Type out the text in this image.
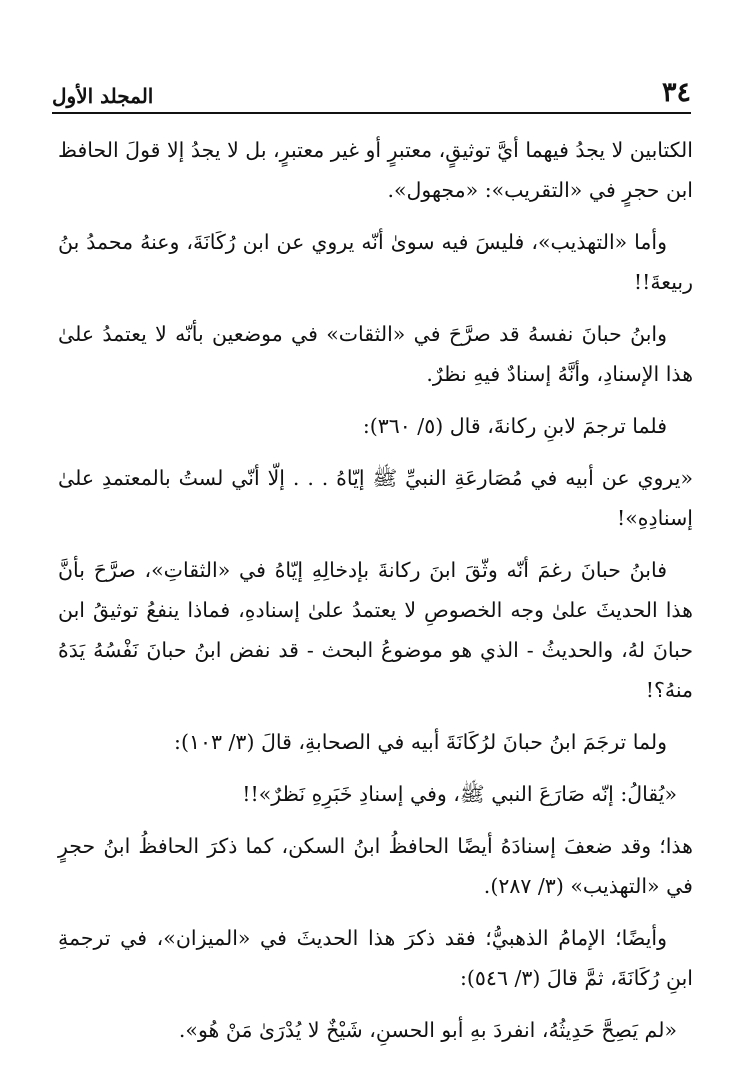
٣٤
المجلد الأول

الكتابين لا يجدُ فيهما أيَّ توثيقٍ، معتبرٍ أو غير معتبرٍ، بل لا يجدُ إلا قولَ الحافظ ابن حجرٍ في «التقريب»: «مجهول».

وأما «التهذيب»، فليسَ فيه سوىٰ أنّه يروي عن ابن رُكَانَةَ، وعنهُ محمدُ بنُ ربيعةَ!!

وابنُ حبانَ نفسهُ قد صرَّحَ في «الثقات» في موضعين بأنّه لا يعتمدُ علىٰ هذا الإسنادِ، وأنَّهُ إسنادٌ فيهِ نظرٌ.

فلما ترجمَ لابنِ ركانةَ، قال (٥/ ٣٦٠):

«يروي عن أبيه في مُصَارعَةِ النبيِّ ﷺ إيّاهُ . . . إلّا أنّي لستُ بالمعتمدِ علىٰ إسنادِهِ»!

فابنُ حبانَ رغمَ أنّه وثّقَ ابنَ ركانةَ بإدخالِهِ إيّاهُ في «الثقاتِ»، صرَّحَ بأنَّ هذا الحديثَ علىٰ وجه الخصوصِ لا يعتمدُ علىٰ إسنادهِ، فماذا ينفعُ توثيقُ ابن حبانَ لهُ، والحديثُ - الذي هو موضوعُ البحث - قد نفض ابنُ حبانَ نَفْسُهُ يَدَهُ منهُ؟!

ولما ترجَمَ ابنُ حبانَ لرُكَانَةَ أبيه في الصحابةِ، قالَ (٣/ ١٠٣):

«يُقالُ: إنّه صَارَعَ النبي ﷺ، وفي إسنادِ خَبَرِهِ نَظرٌ»!!

هذا؛ وقد ضعفَ إسنادَهُ أيضًا الحافظُ ابنُ السكن، كما ذكرَ الحافظُ ابنُ حجرٍ في «التهذيب» (٣/ ٢٨٧).

وأيضًا؛ الإمامُ الذهبيُّ؛ فقد ذكرَ هذا الحديثَ في «الميزان»، في ترجمةِ ابنِ رُكَانَةَ، ثمَّ قالَ (٣/ ٥٤٦):

«لم يَصِحَّ حَدِيثُهُ، انفردَ بهِ أبو الحسنِ، شَيْخٌ لا يُدْرَىٰ مَنْ هُو».
